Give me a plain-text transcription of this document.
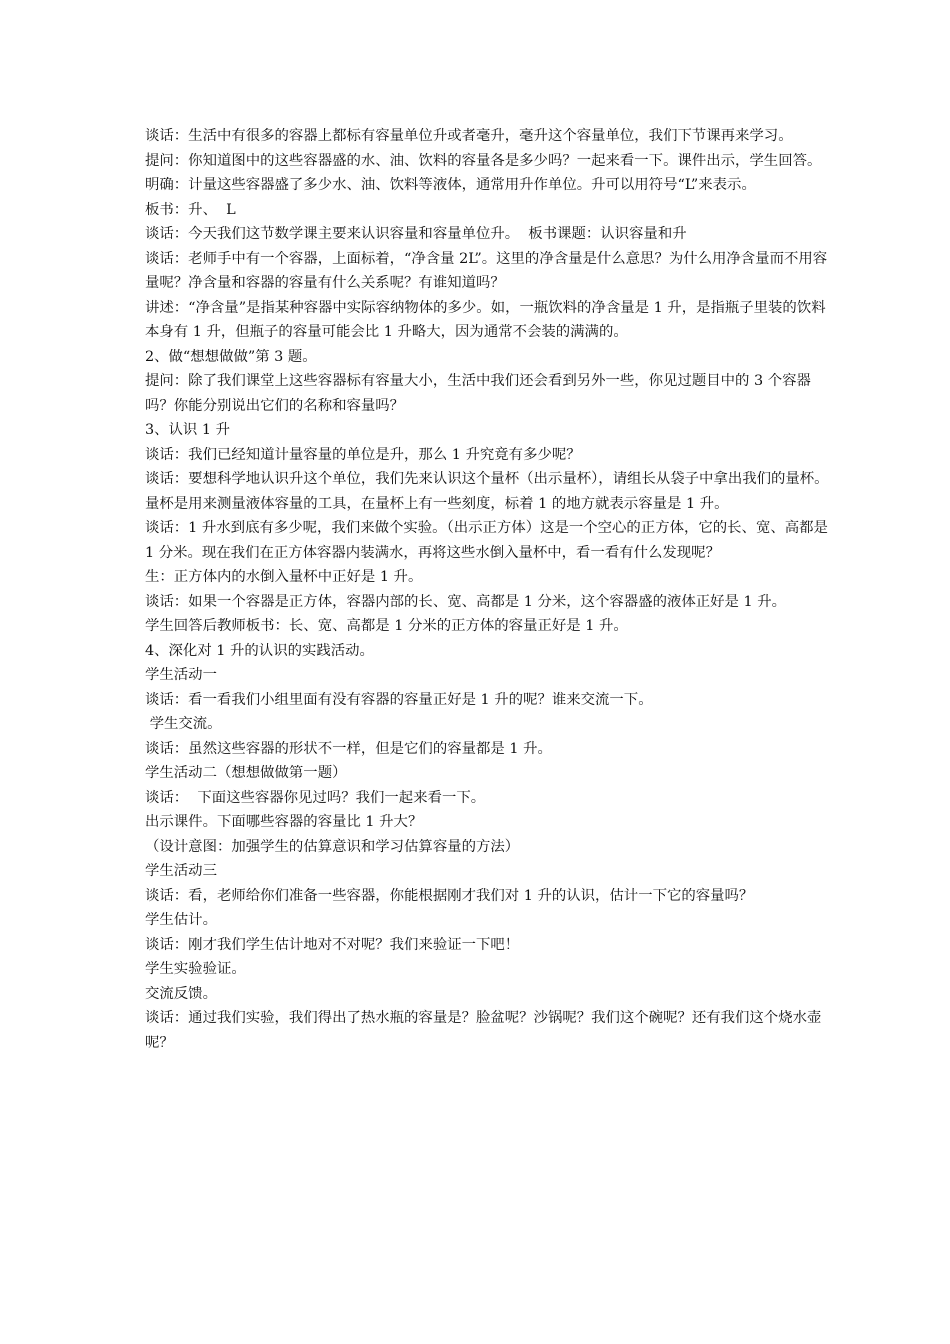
谈话：生活中有很多的容器上都标有容量单位升或者毫升，毫升这个容量单位，我们下节课再来学习。

提问：你知道图中的这些容器盛的水、油、饮料的容量各是多少吗？一起来看一下。课件出示，学生回答。

明确：计量这些容器盛了多少水、油、饮料等液体，通常用升作单位。升可以用符号“L”来表示。

板书：升、  L

谈话：今天我们这节数学课主要来认识容量和容量单位升。  板书课题：认识容量和升

谈话：老师手中有一个容器，上面标着，“净含量 2L”。这里的净含量是什么意思？为什么用净含量而不用容量呢？净含量和容器的容量有什么关系呢？有谁知道吗？

讲述：“净含量”是指某种容器中实际容纳物体的多少。如，一瓶饮料的净含量是 1 升，是指瓶子里装的饮料本身有 1 升，但瓶子的容量可能会比 1 升略大，因为通常不会装的满满的。

2、做“想想做做”第 3 题。

提问：除了我们课堂上这些容器标有容量大小，生活中我们还会看到另外一些，你见过题目中的 3 个容器吗？你能分别说出它们的名称和容量吗？

3、认识 1 升

谈话：我们已经知道计量容量的单位是升，那么 1 升究竟有多少呢？

谈话：要想科学地认识升这个单位，我们先来认识这个量杯（出示量杯），请组长从袋子中拿出我们的量杯。量杯是用来测量液体容量的工具，在量杯上有一些刻度，标着 1 的地方就表示容量是 1 升。

谈话：1 升水到底有多少呢，我们来做个实验。（出示正方体）这是一个空心的正方体，它的长、宽、高都是 1 分米。现在我们在正方体容器内装满水，再将这些水倒入量杯中，看一看有什么发现呢？

生：正方体内的水倒入量杯中正好是 1 升。

谈话：如果一个容器是正方体，容器内部的长、宽、高都是 1 分米，这个容器盛的液体正好是 1 升。

学生回答后教师板书：长、宽、高都是 1 分米的正方体的容量正好是 1 升。

4、深化对 1 升的认识的实践活动。

学生活动一

谈话：看一看我们小组里面有没有容器的容量正好是 1 升的呢？谁来交流一下。

学生交流。

谈话：虽然这些容器的形状不一样，但是它们的容量都是 1 升。

学生活动二（想想做做第一题）

谈话：  下面这些容器你见过吗？我们一起来看一下。

出示课件。下面哪些容器的容量比 1 升大？

（设计意图：加强学生的估算意识和学习估算容量的方法）

学生活动三

谈话：看，老师给你们准备一些容器，你能根据刚才我们对 1 升的认识，估计一下它的容量吗？

学生估计。

谈话：刚才我们学生估计地对不对呢？我们来验证一下吧！

学生实验验证。

交流反馈。

谈话：通过我们实验，我们得出了热水瓶的容量是？脸盆呢？沙锅呢？我们这个碗呢？还有我们这个烧水壶呢？
